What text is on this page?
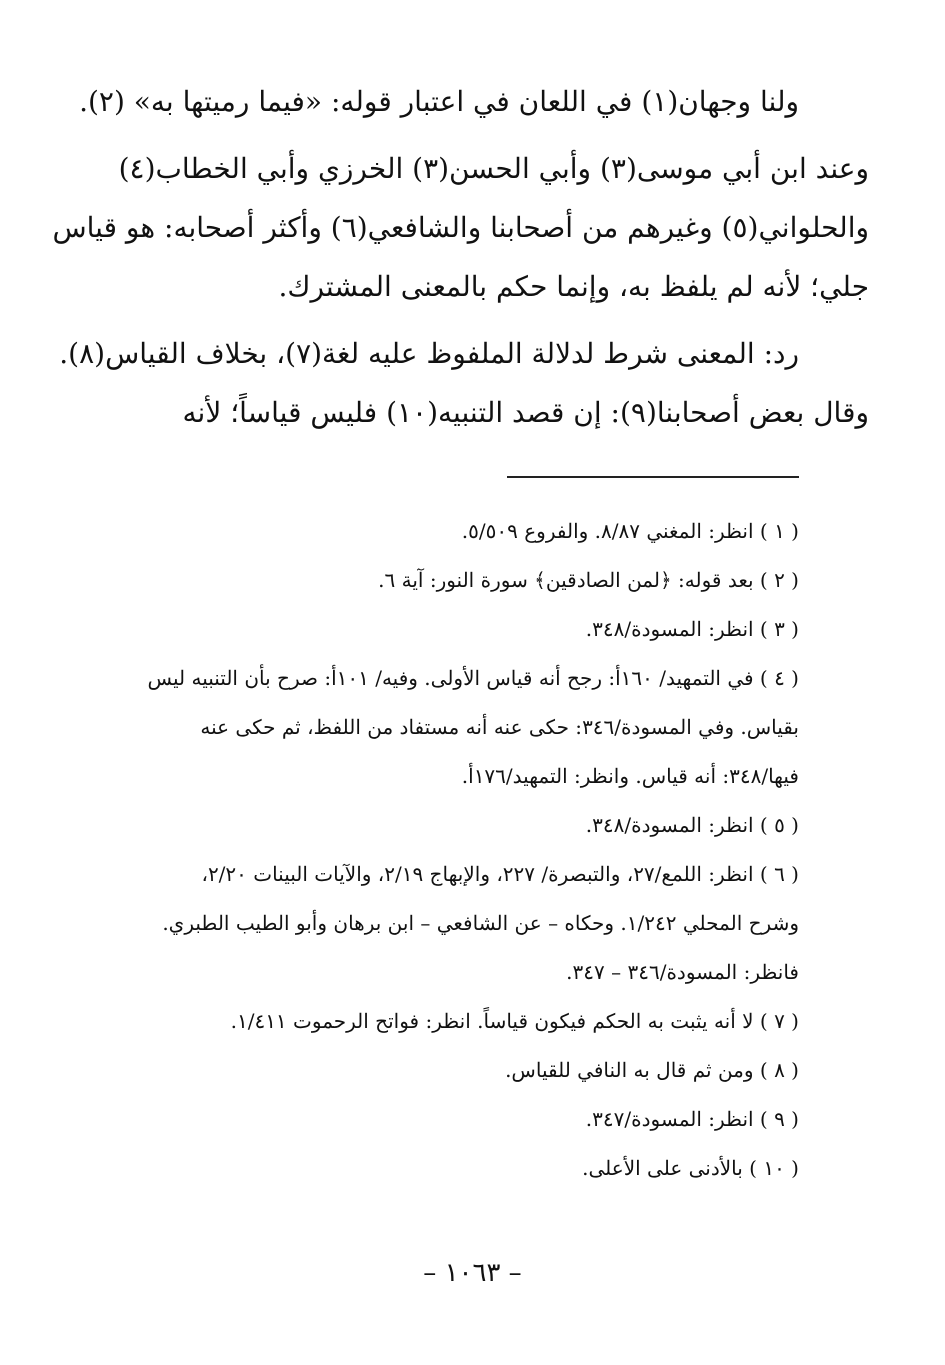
ولنا وجهان(١) في اللعان في اعتبار قوله: «فيما رميتها به» (٢).
وعند ابن أبي موسى(٣) وأبي الحسن(٣) الخرزي وأبي الخطاب(٤)
والحلواني(٥) وغيرهم من أصحابنا والشافعي(٦) وأكثر أصحابه: هو قياس
جلي؛ لأنه لم يلفظ به، وإنما حكم بالمعنى المشترك.
رد: المعنى شرط لدلالة الملفوظ عليه لغة(٧)، بخلاف القياس(٨).
وقال بعض أصحابنا(٩): إن قصد التنبيه(١٠) فليس قياساً؛ لأنه
( ١ ) انظر: المغني ٨/٨٧. والفروع ٥/٥٠٩.
( ٢ ) بعد قوله: ﴿لمن الصادقين﴾ سورة النور: آية ٦.
( ٣ ) انظر: المسودة/٣٤٨.
( ٤ ) في التمهيد/ ١٦٠أ: رجح أنه قياس الأولى. وفيه/ ١٠١أ: صرح بأن التنبيه ليس
بقياس. وفي المسودة/٣٤٦: حكى عنه أنه مستفاد من اللفظ، ثم حكى عنه
فيها/٣٤٨: أنه قياس. وانظر: التمهيد/١٧٦أ.
( ٥ ) انظر: المسودة/٣٤٨.
( ٦ ) انظر: اللمع/٢٧، والتبصرة/ ٢٢٧، والإبهاج ٢/١٩، والآيات البينات ٢/٢٠،
وشرح المحلي ١/٢٤٢. وحكاه – عن الشافعي – ابن برهان وأبو الطيب الطبري.
فانظر: المسودة/٣٤٦ – ٣٤٧.
( ٧ ) لا أنه يثبت به الحكم فيكون قياساً. انظر: فواتح الرحموت ١/٤١١.
( ٨ ) ومن ثم قال به النافي للقياس.
( ٩ ) انظر: المسودة/٣٤٧.
( ١٠ ) بالأدنى على الأعلى.
– ١٠٦٣ –
